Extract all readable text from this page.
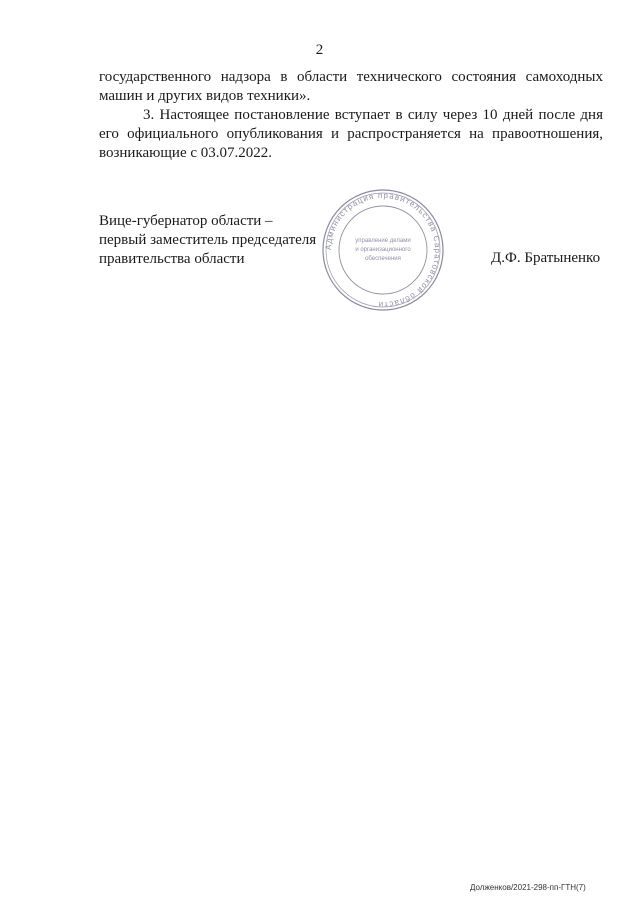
2
государственного надзора в области технического состояния самоходных
машин и других видов техники».
3. Настоящее постановление вступает в силу через 10 дней после дня
его официального опубликования и распространяется на правоотношения,
возникающие с 03.07.2022.
Вице-губернатор области –
первый заместитель председателя
правительства области
Администрация правительства Саратовской области
управление делами
и организационного
обеспечения	Д.Ф. Братыненко
Долженков/2021-298-пп-ГТН(7)
